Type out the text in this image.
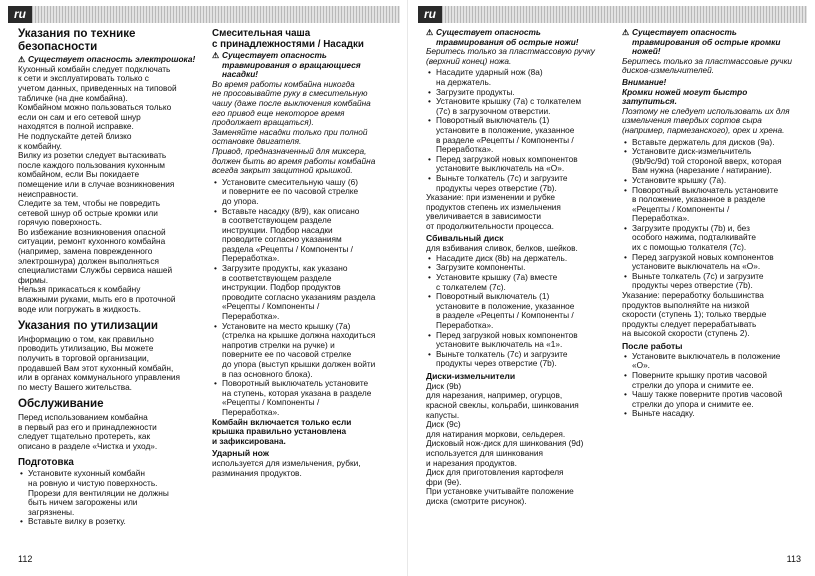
ru
Указания по технике
безопасности

⚠ Существует опасность электрошока!

Кухонный комбайн следует подключать
к сети и эксплуатировать только с
учетом данных, приведенных на типовой
табличке (на дне комбайна).
Комбайном можно пользоваться только
если он сам и его сетевой шнур
находятся в полной исправке.
Не подпускайте детей близко
к комбайну.
Вилку из розетки следует вытаскивать
после каждого пользования кухонным
комбайном, если Вы покидаете
помещение или в случае возникновения
неисправности.
Следите за тем, чтобы не повредить
сетевой шнур об острые кромки или
горячую поверхность.
Во избежание возникновения опасной
ситуации, ремонт кухонного комбайна
(например, замена поврежденного
электрошнура) должен выполняться
специалистами Службы сервиса нашей
фирмы.
Нельзя прикасаться к комбайну
влажными руками, мыть его в проточной
воде или погружать в жидкость.

Указания по утилизации

Информацию о том, как правильно
проводить утилизацию, Вы можете
получить в торговой организации,
продавшей Вам этот кухонный комбайн,
или в органах коммунального управления
по месту Вашего жительства.

Обслуживание

Перед использованием комбайна
в первый раз его и принадлежности
следует тщательно протереть, как
описано в разделе «Чистка и уход».

Подготовка
• Установите кухонный комбайн
на ровную и чистую поверхность.
Прорези для вентиляции не должны
быть ничем загорожены или
загрязнены.
• Вставьте вилку в розетку.
Смесительная чаша
с принадлежностями / Насадки

⚠ Существует опасность
травмирования о вращающиеся
насадки!

Во время работы комбайна никогда
не просовывайте руку в смесительную
чашу (даже после выключения комбайна
его привод еще некоторое время
продолжает вращаться).
Заменяйте насадки только при полной
остановке двигателя.
Привод, предназначенный для миксера,
должен быть во время работы комбайна
всегда закрыт защитной крышкой.

• Установите смесительную чашу (6)
и поверните ее по часовой стрелке
до упора.
• Вставьте насадку (8/9), как описано
в соответствующем разделе
инструкции. Подбор насадки
проводите согласно указаниям
раздела «Рецепты / Компоненты /
Переработка».
• Загрузите продукты, как указано
в соответствующем разделе
инструкции. Подбор продуктов
проводите согласно указаниям раздела
«Рецепты / Компоненты /
Переработка».
• Установите на место крышку (7а)
(стрелка на крышке должна находиться
напротив стрелки на ручке) и
поверните ее по часовой стрелке
до упора (выступ крышки должен войти
в паз основного блока).
• Поворотный выключатель установите
на ступень, которая указана в разделе
«Рецепты / Компоненты /
Переработка».

Комбайн включается только если
крышка правильно установлена
и зафиксирована.

Ударный нож

используется для измельчения, рубки,
разминания продуктов.

112
ru

⚠ Существует опасность
травмирования об острые ножи!

Беритесь только за пластмассовую ручку
(верхний конец) ножа.

• Насадите ударный нож (8а)
на держатель.
• Загрузите продукты.
• Установите крышку (7а) с толкателем
(7с) в загрузочном отверстии.
• Поворотный выключатель (1)
установите в положение, указанное
в разделе «Рецепты / Компоненты /
Переработка».
• Перед загрузкой новых компонентов
установите выключатель на «О».
• Выньте толкатель (7с) и загрузите
продукты через отверстие (7b).

Указание: при изменении и рубке
продуктов степень их измельчения
увеличивается в зависимости
от продолжительности процесса.

Сбивальный диск

для взбивания сливок, белков, шейков.

• Насадите диск (8b) на держатель.
• Загрузите компоненты.
• Установите крышку (7а) вместе
с толкателем (7с).
• Поворотный выключатель (1)
установите в положение, указанное
в разделе «Рецепты / Компоненты /
Переработка».
• Перед загрузкой новых компонентов
установите выключатель на «1».
• Выньте толкатель (7с) и загрузите
продукты через отверстие (7b).
Диски-измельчители

Диск (9b)
для нарезания, например, огурцов,
красной свеклы, кольраби, шинкования
капусты.
Диск (9c)
для натирания моркови, сельдерея.
Дисковый нож-диск для шинкования (9d)
используется для шинкования
и нарезания продуктов.
Диск для приготовления картофеля
фри (9e).
При установке учитывайте положение
диска (смотрите рисунок).

⚠ Существует опасность
травмирования об острые кромки
ножей!

Беритесь только за пластмассовые ручки
дисков-измельчителей.

Внимание!
Кромки ножей могут быстро
затупиться.

Поэтому не следует использовать их для
измельчения твердых сортов сыра
(например, пармезанского), орех и хрена.

• Вставьте держатель для дисков (9а).
• Установите диск-измельчитель
(9b/9c/9d) той стороной вверх, которая
Вам нужна (нарезание / натирание).
• Установите крышку (7а).
• Поворотный выключатель установите
в положение, указанное в разделе
«Рецепты / Компоненты /
Переработка».
• Загрузите продукты (7b) и, без
особого нажима, подталкивайте
их с помощью толкателя (7с).
• Перед загрузкой новых компонентов
установите выключатель на «О».
• Выньте толкатель (7с) и загрузите
продукты через отверстие (7b).

Указание: переработку большинства
продуктов выполняйте на низкой
скорости (ступень 1); только твердые
продукты следует перерабатывать
на высокой скорости (ступень 2).

После работы
• Установите выключатель в положение
«О».
• Поверните крышку против часовой
стрелки до упора и снимите ее.
• Чашу также поверните против часовой
стрелки до упора и снимите ее.
• Выньте насадку.
113
